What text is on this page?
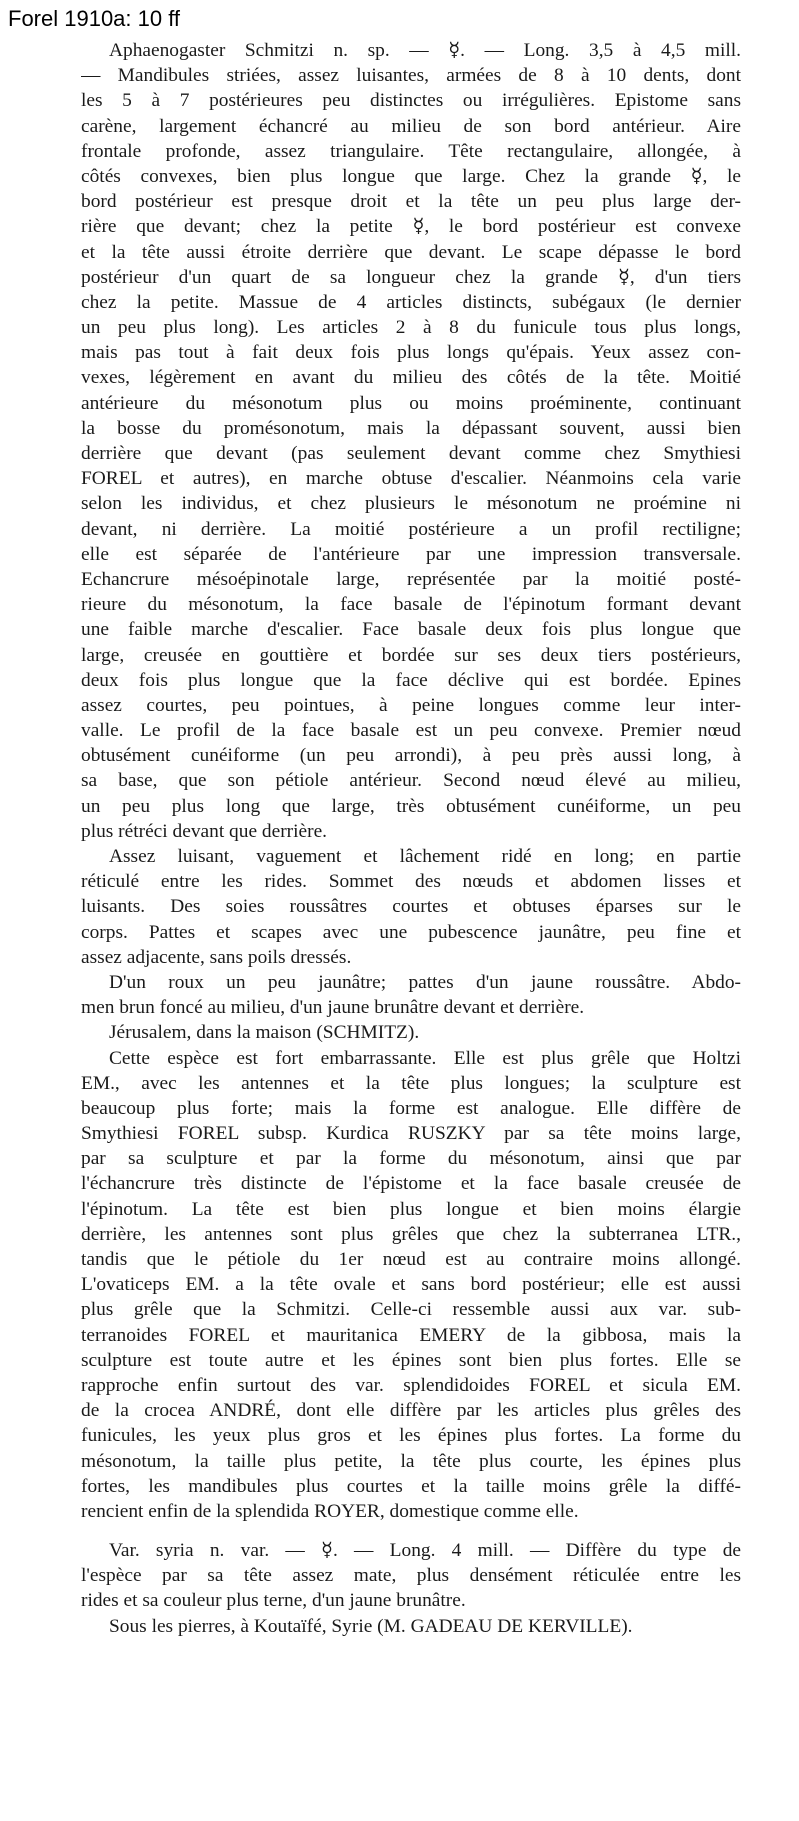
Forel 1910a: 10 ff
Aphaenogaster Schmitzi n. sp. — ☿. — Long. 3,5 à 4,5 mill.
— Mandibules striées, assez luisantes, armées de 8 à 10 dents, dont
les 5 à 7 postérieures peu distinctes ou irrégulières. Epistome sans
carène, largement échancré au milieu de son bord antérieur. Aire
frontale profonde, assez triangulaire. Tête rectangulaire, allongée, à
côtés convexes, bien plus longue que large. Chez la grande ☿, le
bord postérieur est presque droit et la tête un peu plus large der-
rière que devant; chez la petite ☿, le bord postérieur est convexe
et la tête aussi étroite derrière que devant. Le scape dépasse le bord
postérieur d'un quart de sa longueur chez la grande ☿, d'un tiers
chez la petite. Massue de 4 articles distincts, subégaux (le dernier
un peu plus long). Les articles 2 à 8 du funicule tous plus longs,
mais pas tout à fait deux fois plus longs qu'épais. Yeux assez con-
vexes, légèrement en avant du milieu des côtés de la tête. Moitié
antérieure du mésonotum plus ou moins proéminente, continuant
la bosse du promésonotum, mais la dépassant souvent, aussi bien
derrière que devant (pas seulement devant comme chez Smythiesi
FOREL et autres), en marche obtuse d'escalier. Néanmoins cela varie
selon les individus, et chez plusieurs le mésonotum ne proémine ni
devant, ni derrière. La moitié postérieure a un profil rectiligne;
elle est séparée de l'antérieure par une impression transversale.
Echancrure mésoépinotale large, représentée par la moitié posté-
rieure du mésonotum, la face basale de l'épinotum formant devant
une faible marche d'escalier. Face basale deux fois plus longue que
large, creusée en gouttière et bordée sur ses deux tiers postérieurs,
deux fois plus longue que la face déclive qui est bordée. Epines
assez courtes, peu pointues, à peine longues comme leur inter-
valle. Le profil de la face basale est un peu convexe. Premier nœud
obtusément cunéiforme (un peu arrondi), à peu près aussi long, à
sa base, que son pétiole antérieur. Second nœud élevé au milieu,
un peu plus long que large, très obtusément cunéiforme, un peu
plus rétréci devant que derrière.
Assez luisant, vaguement et lâchement ridé en long; en partie
réticulé entre les rides. Sommet des nœuds et abdomen lisses et
luisants. Des soies roussâtres courtes et obtuses éparses sur le
corps. Pattes et scapes avec une pubescence jaunâtre, peu fine et
assez adjacente, sans poils dressés.
D'un roux un peu jaunâtre; pattes d'un jaune roussâtre. Abdo-
men brun foncé au milieu, d'un jaune brunâtre devant et derrière.
Jérusalem, dans la maison (SCHMITZ).
Cette espèce est fort embarrassante. Elle est plus grêle que Holtzi
EM., avec les antennes et la tête plus longues; la sculpture est
beaucoup plus forte; mais la forme est analogue. Elle diffère de
Smythiesi FOREL subsp. Kurdica RUSZKY par sa tête moins large,
par sa sculpture et par la forme du mésonotum, ainsi que par
l'échancrure très distincte de l'épistome et la face basale creusée de
l'épinotum. La tête est bien plus longue et bien moins élargie
derrière, les antennes sont plus grêles que chez la subterranea LTR.,
tandis que le pétiole du 1er nœud est au contraire moins allongé.
L'ovaticeps EM. a la tête ovale et sans bord postérieur; elle est aussi
plus grêle que la Schmitzi. Celle-ci ressemble aussi aux var. sub-
terranoides FOREL et mauritanica EMERY de la gibbosa, mais la
sculpture est toute autre et les épines sont bien plus fortes. Elle se
rapproche enfin surtout des var. splendidoides FOREL et sicula EM.
de la crocea ANDRÉ, dont elle diffère par les articles plus grêles des
funicules, les yeux plus gros et les épines plus fortes. La forme du
mésonotum, la taille plus petite, la tête plus courte, les épines plus
fortes, les mandibules plus courtes et la taille moins grêle la diffé-
rencient enfin de la splendida ROYER, domestique comme elle.
Var. syria n. var. — ☿. — Long. 4 mill. — Diffère du type de
l'espèce par sa tête assez mate, plus densément réticulée entre les
rides et sa couleur plus terne, d'un jaune brunâtre.
Sous les pierres, à Koutaïfé, Syrie (M. GADEAU DE KERVILLE).
